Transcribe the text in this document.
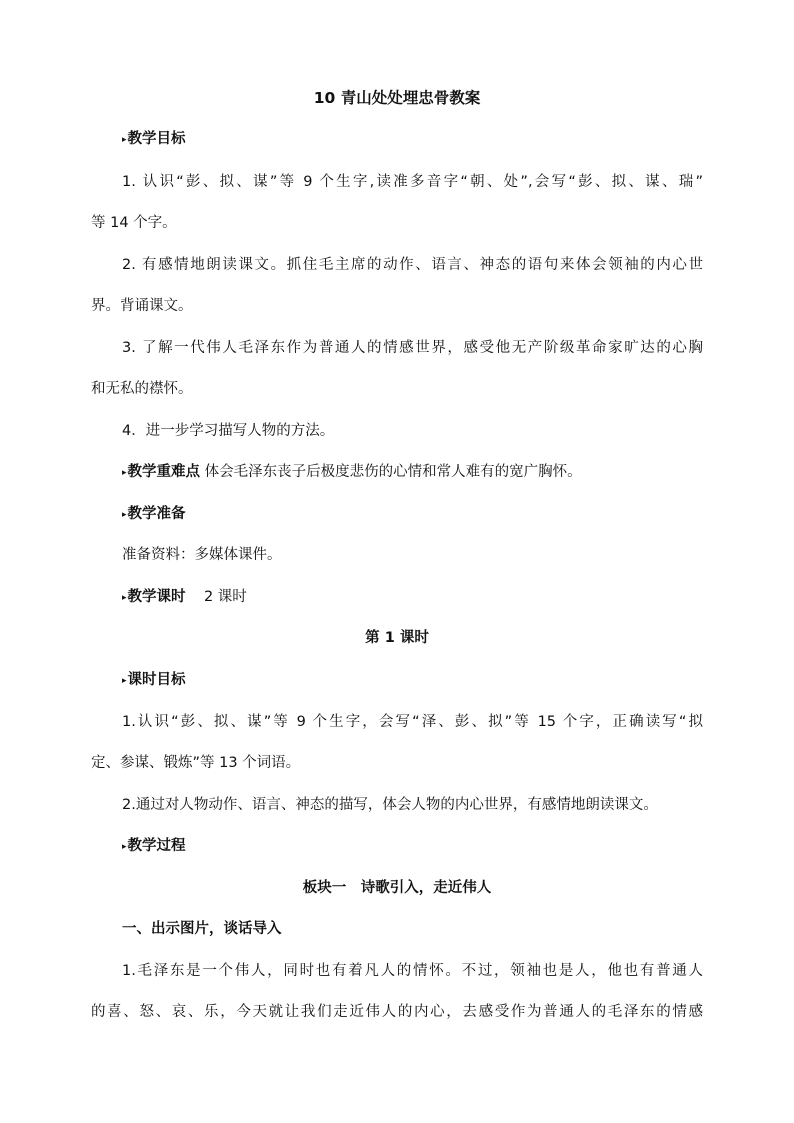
10 青山处处埋忠骨教案
▸教学目标
1. 认识“彭、拟、谋”等 9 个生字,读准多音字“朝、处”,会写“彭、拟、谋、瑞”
等 14 个字。
2. 有感情地朗读课文。抓住毛主席的动作、语言、神态的语句来体会领袖的内心世
界。背诵课文。
3. 了解一代伟人毛泽东作为普通人的情感世界，感受他无产阶级革命家旷达的心胸
和无私的襟怀。
4．进一步学习描写人物的方法。
▸教学重难点 体会毛泽东丧子后极度悲伤的心情和常人难有的宽广胸怀。
▸教学准备
准备资料：多媒体课件。
▸教学课时 2 课时
第 1 课时
▸课时目标
1.认识“彭、拟、谋”等 9 个生字，会写“泽、彭、拟”等 15 个字，正确读写“拟
定、参谋、锻炼”等 13 个词语。
2.通过对人物动作、语言、神态的描写，体会人物的内心世界，有感情地朗读课文。
▸教学过程
板块一　诗歌引入，走近伟人
一、出示图片，谈话导入
1.毛泽东是一个伟人，同时也有着凡人的情怀。不过，领袖也是人，他也有普通人
的喜、怒、哀、乐，今天就让我们走近伟人的内心，去感受作为普通人的毛泽东的情感
